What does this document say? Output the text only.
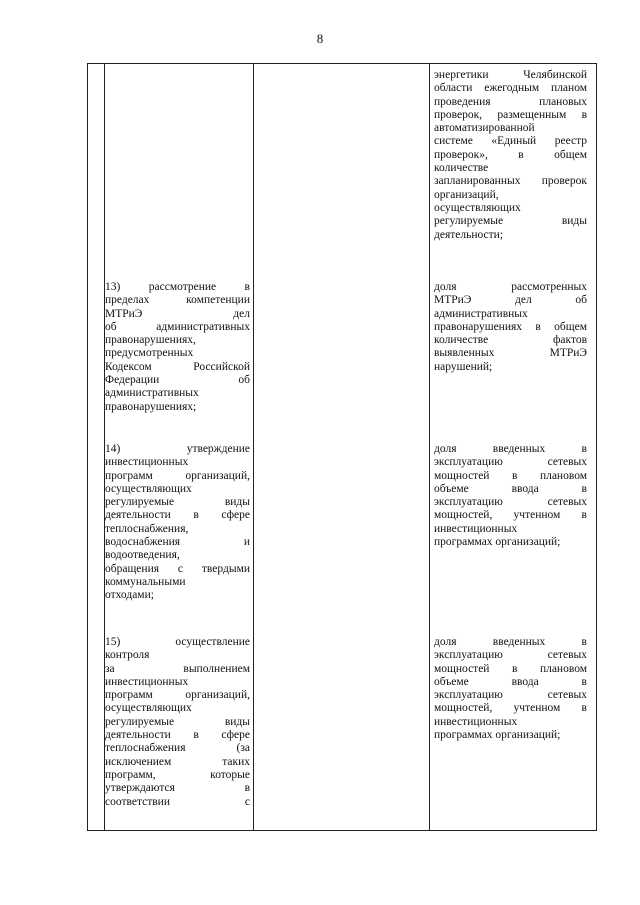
8
энергетики Челябинской
области ежегодным планом
проведения плановых
проверок, размещенным в
автоматизированной
системе «Единый реестр
проверок», в общем
количестве
запланированных проверок
организаций,
осуществляющих
регулируемые виды
деятельности;
13) рассмотрение в
пределах компетенции
МТРиЭ дел
об административных
правонарушениях,
предусмотренных
Кодексом Российской
Федерации об
административных
правонарушениях;
доля рассмотренных
МТРиЭ дел об
административных
правонарушениях в общем
количестве фактов
выявленных МТРиЭ
нарушений;
14) утверждение
инвестиционных
программ организаций,
осуществляющих
регулируемые виды
деятельности в сфере
теплоснабжения,
водоснабжения и
водоотведения,
обращения с твердыми
коммунальными
отходами;
доля введенных в
эксплуатацию сетевых
мощностей в плановом
объеме ввода в
эксплуатацию сетевых
мощностей, учтенном в
инвестиционных
программах организаций;
15) осуществление
контроля
за выполнением
инвестиционных
программ организаций,
осуществляющих
регулируемые виды
деятельности в сфере
теплоснабжения (за
исключением таких
программ, которые
утверждаются в
соответствии с
доля введенных в
эксплуатацию сетевых
мощностей в плановом
объеме ввода в
эксплуатацию сетевых
мощностей, учтенном в
инвестиционных
программах организаций;
